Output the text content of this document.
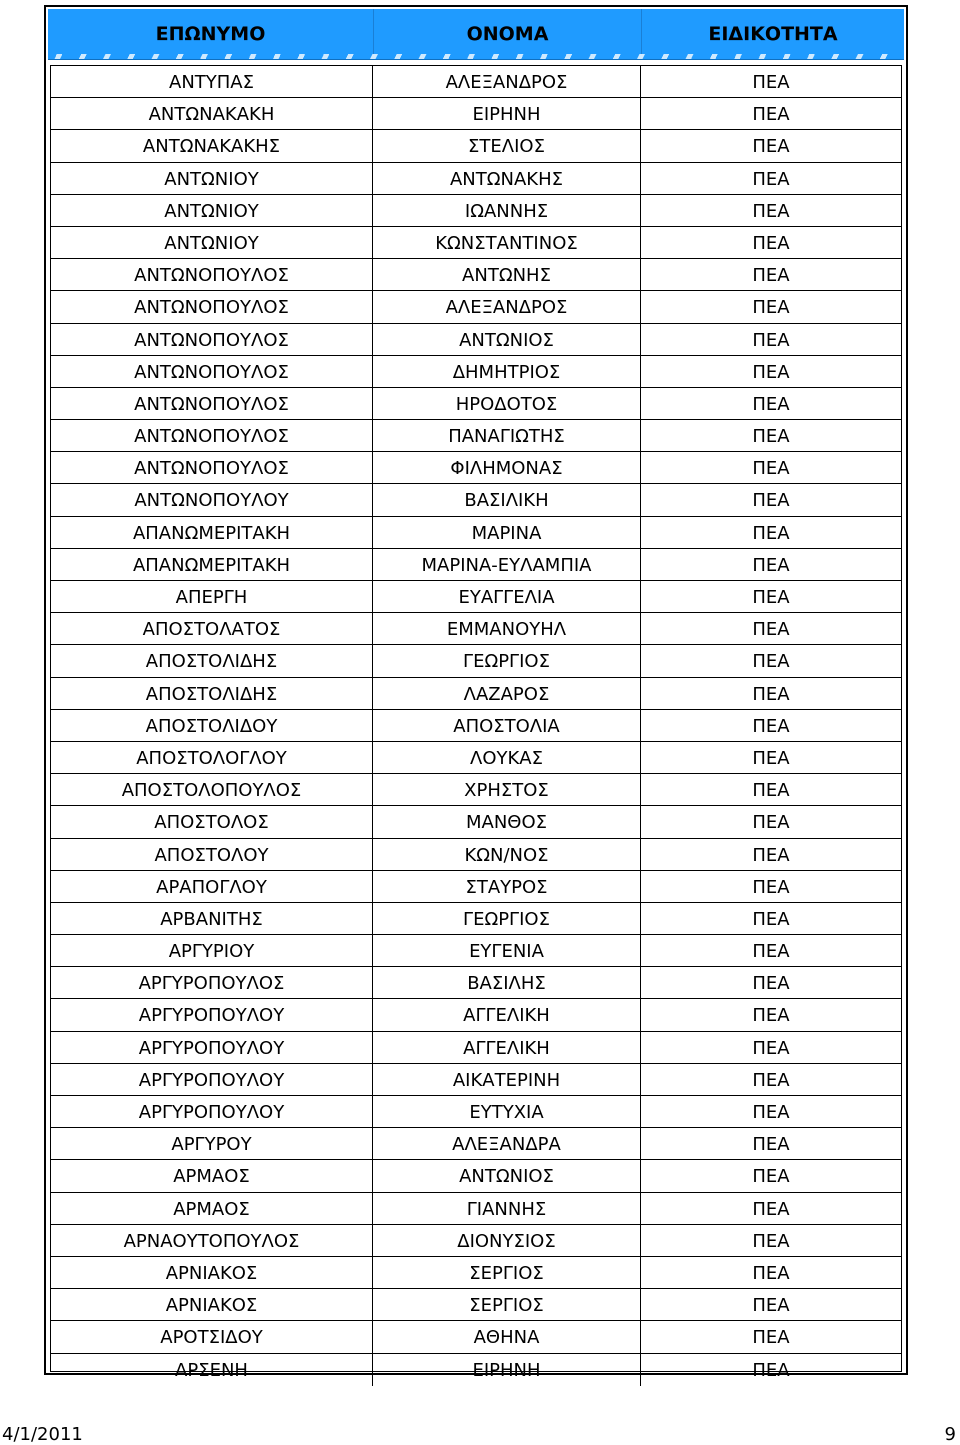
ΕΠΩΝΥΜΟ	ΟΝΟΜΑ	ΕΙΔΙΚΟΤΗΤΑ
ΑΝΤΥΠΑΣ	ΑΛΕΞΑΝΔΡΟΣ	ΠΕΑ
ΑΝΤΩΝΑΚΑΚΗ	ΕΙΡΗΝΗ	ΠΕΑ
ΑΝΤΩΝΑΚΑΚΗΣ	ΣΤΕΛΙΟΣ	ΠΕΑ
ΑΝΤΩΝΙΟΥ	ΑΝΤΩΝΑΚΗΣ	ΠΕΑ
ΑΝΤΩΝΙΟΥ	ΙΩΑΝΝΗΣ	ΠΕΑ
ΑΝΤΩΝΙΟΥ	ΚΩΝΣΤΑΝΤΙΝΟΣ	ΠΕΑ
ΑΝΤΩΝΟΠΟΥΛΟΣ	ΑΝΤΩΝΗΣ	ΠΕΑ
ΑΝΤΩΝΟΠΟΥΛΟΣ	ΑΛΕΞΑΝΔΡΟΣ	ΠΕΑ
ΑΝΤΩΝΟΠΟΥΛΟΣ	ΑΝΤΩΝΙΟΣ	ΠΕΑ
ΑΝΤΩΝΟΠΟΥΛΟΣ	ΔΗΜΗΤΡΙΟΣ	ΠΕΑ
ΑΝΤΩΝΟΠΟΥΛΟΣ	ΗΡΟΔΟΤΟΣ	ΠΕΑ
ΑΝΤΩΝΟΠΟΥΛΟΣ	ΠΑΝΑΓΙΩΤΗΣ	ΠΕΑ
ΑΝΤΩΝΟΠΟΥΛΟΣ	ΦΙΛΗΜΟΝΑΣ	ΠΕΑ
ΑΝΤΩΝΟΠΟΥΛΟΥ	ΒΑΣΙΛΙΚΗ	ΠΕΑ
ΑΠΑΝΩΜΕΡΙΤΑΚΗ	ΜΑΡΙΝΑ	ΠΕΑ
ΑΠΑΝΩΜΕΡΙΤΑΚΗ	ΜΑΡΙΝΑ-ΕΥΛΑΜΠΙΑ	ΠΕΑ
ΑΠΕΡΓΗ	ΕΥΑΓΓΕΛΙΑ	ΠΕΑ
ΑΠΟΣΤΟΛΑΤΟΣ	ΕΜΜΑΝΟΥΗΛ	ΠΕΑ
ΑΠΟΣΤΟΛΙΔΗΣ	ΓΕΩΡΓΙΟΣ	ΠΕΑ
ΑΠΟΣΤΟΛΙΔΗΣ	ΛΑΖΑΡΟΣ	ΠΕΑ
ΑΠΟΣΤΟΛΙΔΟΥ	ΑΠΟΣΤΟΛΙΑ	ΠΕΑ
ΑΠΟΣΤΟΛΟΓΛΟΥ	ΛΟΥΚΑΣ	ΠΕΑ
ΑΠΟΣΤΟΛΟΠΟΥΛΟΣ	ΧΡΗΣΤΟΣ	ΠΕΑ
ΑΠΟΣΤΟΛΟΣ	ΜΑΝΘΟΣ	ΠΕΑ
ΑΠΟΣΤΟΛΟΥ	ΚΩΝ/ΝΟΣ	ΠΕΑ
ΑΡΑΠΟΓΛΟΥ	ΣΤΑΥΡΟΣ	ΠΕΑ
ΑΡΒΑΝΙΤΗΣ	ΓΕΩΡΓΙΟΣ	ΠΕΑ
ΑΡΓΥΡΙΟΥ	ΕΥΓΕΝΙΑ	ΠΕΑ
ΑΡΓΥΡΟΠΟΥΛΟΣ	ΒΑΣΙΛΗΣ	ΠΕΑ
ΑΡΓΥΡΟΠΟΥΛΟΥ	ΑΓΓΕΛΙΚΗ	ΠΕΑ
ΑΡΓΥΡΟΠΟΥΛΟΥ	ΑΓΓΕΛΙΚΗ	ΠΕΑ
ΑΡΓΥΡΟΠΟΥΛΟΥ	ΑΙΚΑΤΕΡΙΝΗ	ΠΕΑ
ΑΡΓΥΡΟΠΟΥΛΟΥ	ΕΥΤΥΧΙΑ	ΠΕΑ
ΑΡΓΥΡΟΥ	ΑΛΕΞΑΝΔΡΑ	ΠΕΑ
ΑΡΜΑΟΣ	ΑΝΤΩΝΙΟΣ	ΠΕΑ
ΑΡΜΑΟΣ	ΓΙΑΝΝΗΣ	ΠΕΑ
ΑΡΝΑΟΥΤΟΠΟΥΛΟΣ	ΔΙΟΝΥΣΙΟΣ	ΠΕΑ
ΑΡΝΙΑΚΟΣ	ΣΕΡΓΙΟΣ	ΠΕΑ
ΑΡΝΙΑΚΟΣ	ΣΕΡΓΙΟΣ	ΠΕΑ
ΑΡΟΤΣΙΔΟΥ	ΑΘΗΝΑ	ΠΕΑ
ΑΡΣΕΝΗ	ΕΙΡΗΝΗ	ΠΕΑ
4/1/2011	9
